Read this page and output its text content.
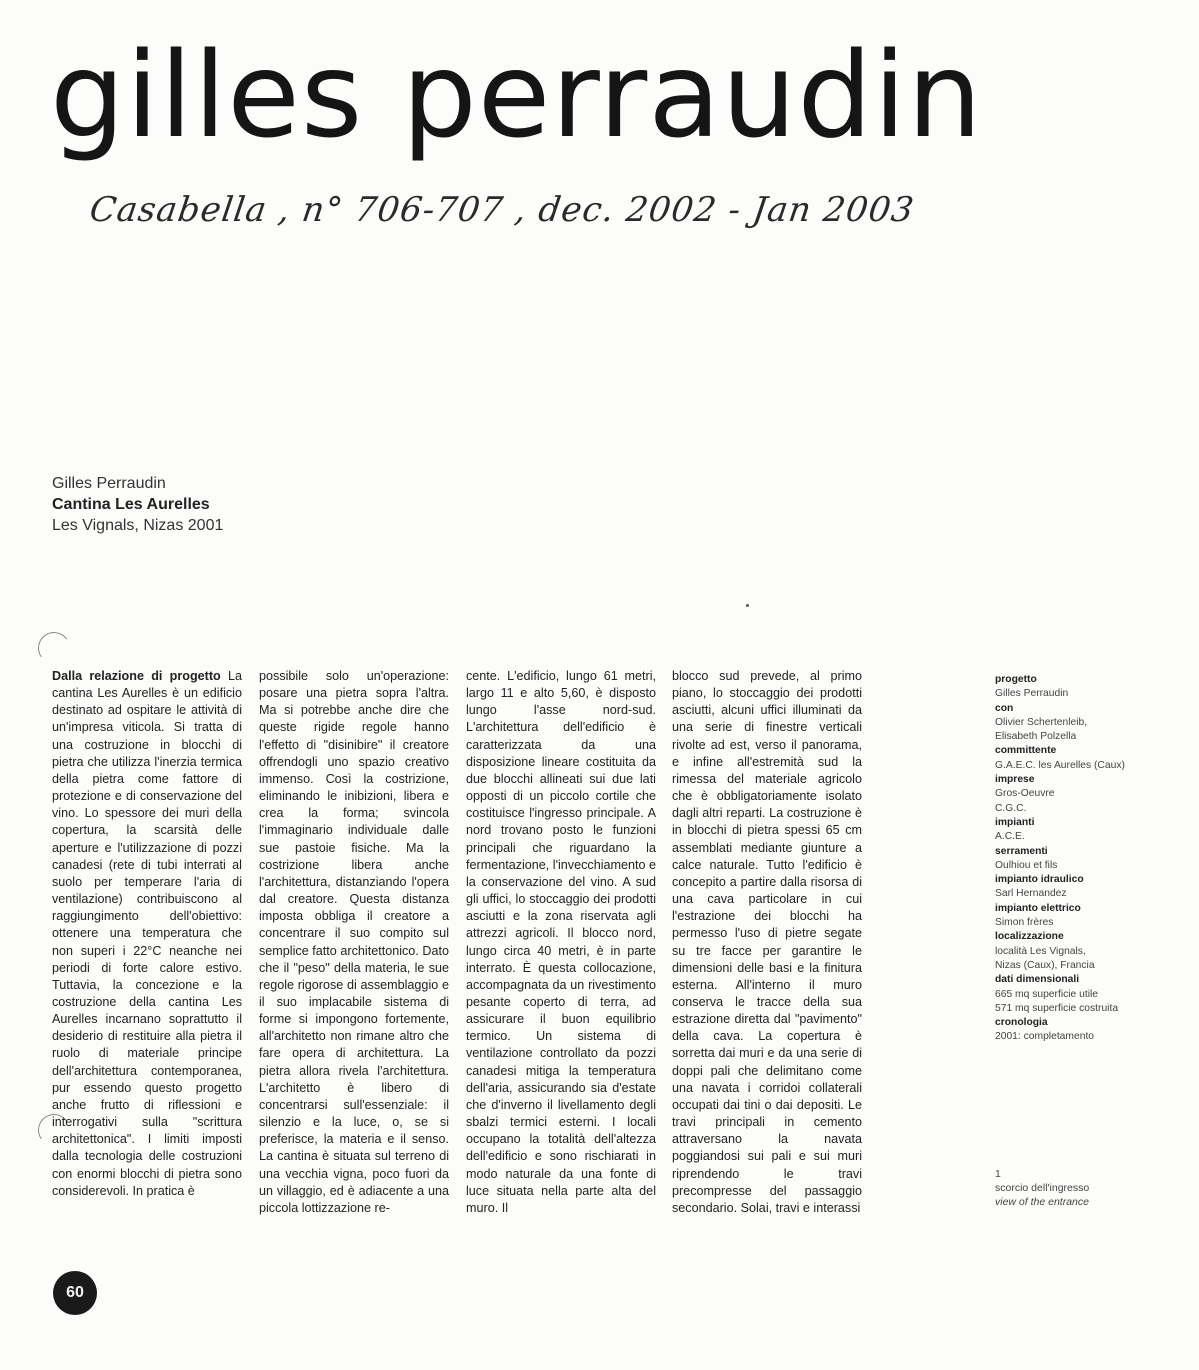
gilles perraudin
Casabella , n° 706-707 , dec. 2002 - Jan 2003
Gilles Perraudin
Cantina Les Aurelles
Les Vignals, Nizas 2001
Dalla relazione di progetto La cantina Les Aurelles è un edificio destinato ad ospitare le attività di un'impresa viticola. Si tratta di una costruzione in blocchi di pietra che utilizza l'inerzia termica della pietra come fattore di protezione e di conservazione del vino. Lo spessore dei muri della copertura, la scarsità delle aperture e l'utilizzazione di pozzi canadesi (rete di tubi interrati al suolo per temperare l'aria di ventilazione) contribuiscono al raggiungimento dell'obiettivo: ottenere una temperatura che non superi i 22°C neanche nei periodi di forte calore estivo. Tuttavia, la concezione e la costruzione della cantina Les Aurelles incarnano soprattutto il desiderio di restituire alla pietra il ruolo di materiale principe dell'architettura contemporanea, pur essendo questo progetto anche frutto di riflessioni e interrogativi sulla "scrittura architettonica". I limiti imposti dalla tecnologia delle costruzioni con enormi blocchi di pietra sono considerevoli. In pratica è
possibile solo un'operazione: posare una pietra sopra l'altra. Ma si potrebbe anche dire che queste rigide regole hanno l'effetto di "disinibire" il creatore offrendogli uno spazio creativo immenso. Così la costrizione, eliminando le inibizioni, libera e crea la forma; svincola l'immaginario individuale dalle sue pastoie fisiche. Ma la costrizione libera anche l'architettura, distanziando l'opera dal creatore. Questa distanza imposta obbliga il creatore a concentrare il suo compito sul semplice fatto architettonico. Dato che il "peso" della materia, le sue regole rigorose di assemblaggio e il suo implacabile sistema di forme si impongono fortemente, all'architetto non rimane altro che fare opera di architettura. La pietra allora rivela l'architettura. L'architetto è libero di concentrarsi sull'essenziale: il silenzio e la luce, o, se si preferisce, la materia e il senso. La cantina è situata sul terreno di una vecchia vigna, poco fuori da un villaggio, ed è adiacente a una piccola lottizzazione re-
cente. L'edificio, lungo 61 metri, largo 11 e alto 5,60, è disposto lungo l'asse nord-sud. L'architettura dell'edificio è caratterizzata da una disposizione lineare costituita da due blocchi allineati sui due lati opposti di un piccolo cortile che costituisce l'ingresso principale. A nord trovano posto le funzioni principali che riguardano la fermentazione, l'invecchiamento e la conservazione del vino. A sud gli uffici, lo stoccaggio dei prodotti asciutti e la zona riservata agli attrezzi agricoli. Il blocco nord, lungo circa 40 metri, è in parte interrato. È questa collocazione, accompagnata da un rivestimento pesante coperto di terra, ad assicurare il buon equilibrio termico. Un sistema di ventilazione controllato da pozzi canadesi mitiga la temperatura dell'aria, assicurando sia d'estate che d'inverno il livellamento degli sbalzi termici esterni. I locali occupano la totalità dell'altezza dell'edificio e sono rischiarati in modo naturale da una fonte di luce situata nella parte alta del muro. Il
blocco sud prevede, al primo piano, lo stoccaggio dei prodotti asciutti, alcuni uffici illuminati da una serie di finestre verticali rivolte ad est, verso il panorama, e infine all'estremità sud la rimessa del materiale agricolo che è obbligatoriamente isolato dagli altri reparti. La costruzione è in blocchi di pietra spessi 65 cm assemblati mediante giunture a calce naturale. Tutto l'edificio è concepito a partire dalla risorsa di una cava particolare in cui l'estrazione dei blocchi ha permesso l'uso di pietre segate su tre facce per garantire le dimensioni delle basi e la finitura esterna. All'interno il muro conserva le tracce della sua estrazione diretta dal "pavimento" della cava. La copertura è sorretta dai muri e da una serie di doppi pali che delimitano come una navata i corridoi collaterali occupati dai tini o dai depositi. Le travi principali in cemento attraversano la navata poggiandosi sui pali e sui muri riprendendo le travi precompresse del passaggio secondario. Solai, travi e interassi
progetto
Gilles Perraudin
con
Olivier Schertenleib,
Elisabeth Polzella
committente
G.A.E.C. les Aurelles (Caux)
imprese
Gros-Oeuvre
C.G.C.
impianti
A.C.E.
serramenti
Oulhiou et fils
impianto idraulico
Sarl Hernandez
impianto elettrico
Simon frères
localizzazione
località Les Vignals,
Nizas (Caux), Francia
dati dimensionali
665 mq superficie utile
571 mq superficie costruita
cronologia
2001: completamento
1
scorcio dell'ingresso
view of the entrance
60
